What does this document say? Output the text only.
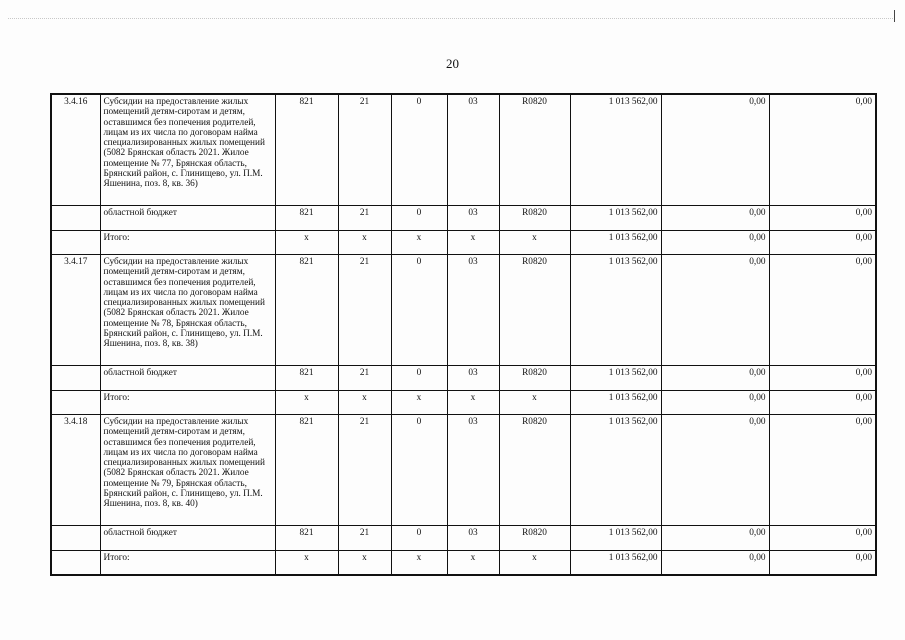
20
3.4.16	Субсидии на предоставление жилых помещений детям-сиротам и детям, оставшимся без попечения родителей, лицам из их числа по договорам найма специализированных жилых помещений (5082 Брянская область 2021. Жилое помещение № 77, Брянская область, Брянский район, с. Глинищево, ул. П.М. Яшенина, поз. 8, кв. 36)	821	21	0	03	R0820	1 013 562,00	0,00	0,00
	областной бюджет	821	21	0	03	R0820	1 013 562,00	0,00	0,00
	Итого:	x	x	x	x	x	1 013 562,00	0,00	0,00
3.4.17	Субсидии на предоставление жилых помещений детям-сиротам и детям, оставшимся без попечения родителей, лицам из их числа по договорам найма специализированных жилых помещений (5082 Брянская область 2021. Жилое помещение № 78, Брянская область, Брянский район, с. Глинищево, ул. П.М. Яшенина, поз. 8, кв. 38)	821	21	0	03	R0820	1 013 562,00	0,00	0,00
	областной бюджет	821	21	0	03	R0820	1 013 562,00	0,00	0,00
	Итого:	x	x	x	x	x	1 013 562,00	0,00	0,00
3.4.18	Субсидии на предоставление жилых помещений детям-сиротам и детям, оставшимся без попечения родителей, лицам из их числа по договорам найма специализированных жилых помещений (5082 Брянская область 2021. Жилое помещение № 79, Брянская область, Брянский район, с. Глинищево, ул. П.М. Яшенина, поз. 8, кв. 40)	821	21	0	03	R0820	1 013 562,00	0,00	0,00
	областной бюджет	821	21	0	03	R0820	1 013 562,00	0,00	0,00
	Итого:	x	x	x	x	x	1 013 562,00	0,00	0,00
